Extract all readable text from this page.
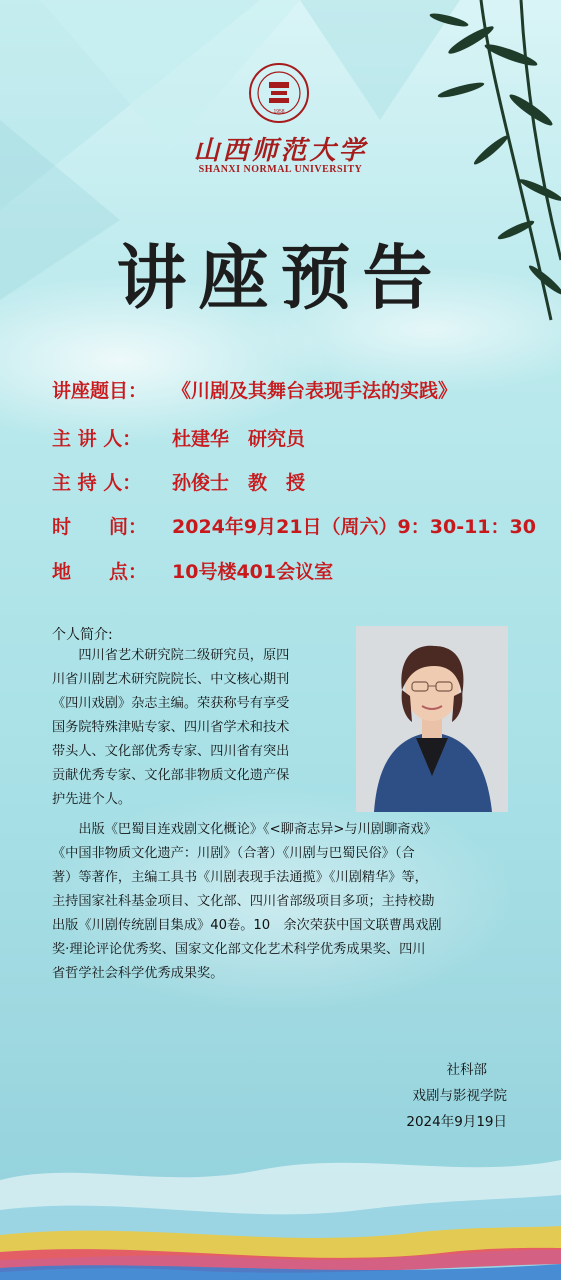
1958
山西师范大学
SHANXI NORMAL UNIVERSITY
讲座预告
讲座题目： 《川剧及其舞台表现手法的实践》
主 讲 人： 杜建华　研究员
主 持 人： 孙俊士　教　授
时　　间： 2024年9月21日（周六）9：30-11：30
地　　点： 10号楼401会议室
个人简介:
　　四川省艺术研究院二级研究员，原四
川省川剧艺术研究院院长、中文核心期刊
《四川戏剧》杂志主编。荣获称号有享受
国务院特殊津贴专家、四川省学术和技术
带头人、文化部优秀专家、四川省有突出
贡献优秀专家、文化部非物质文化遗产保
护先进个人。
　　出版《巴蜀目连戏剧文化概论》《<聊斋志异>与川剧聊斋戏》
《中国非物质文化遗产：川剧》（合著）《川剧与巴蜀民俗》（合
著）等著作，主编工具书《川剧表现手法通揽》《川剧精华》等，
主持国家社科基金项目、文化部、四川省部级项目多项；主持校勘
出版《川剧传统剧目集成》40卷。10　余次荣获中国文联曹禺戏剧
奖·理论评论优秀奖、国家文化部文化艺术科学优秀成果奖、四川
省哲学社会科学优秀成果奖。
社科部
戏剧与影视学院
2024年9月19日
